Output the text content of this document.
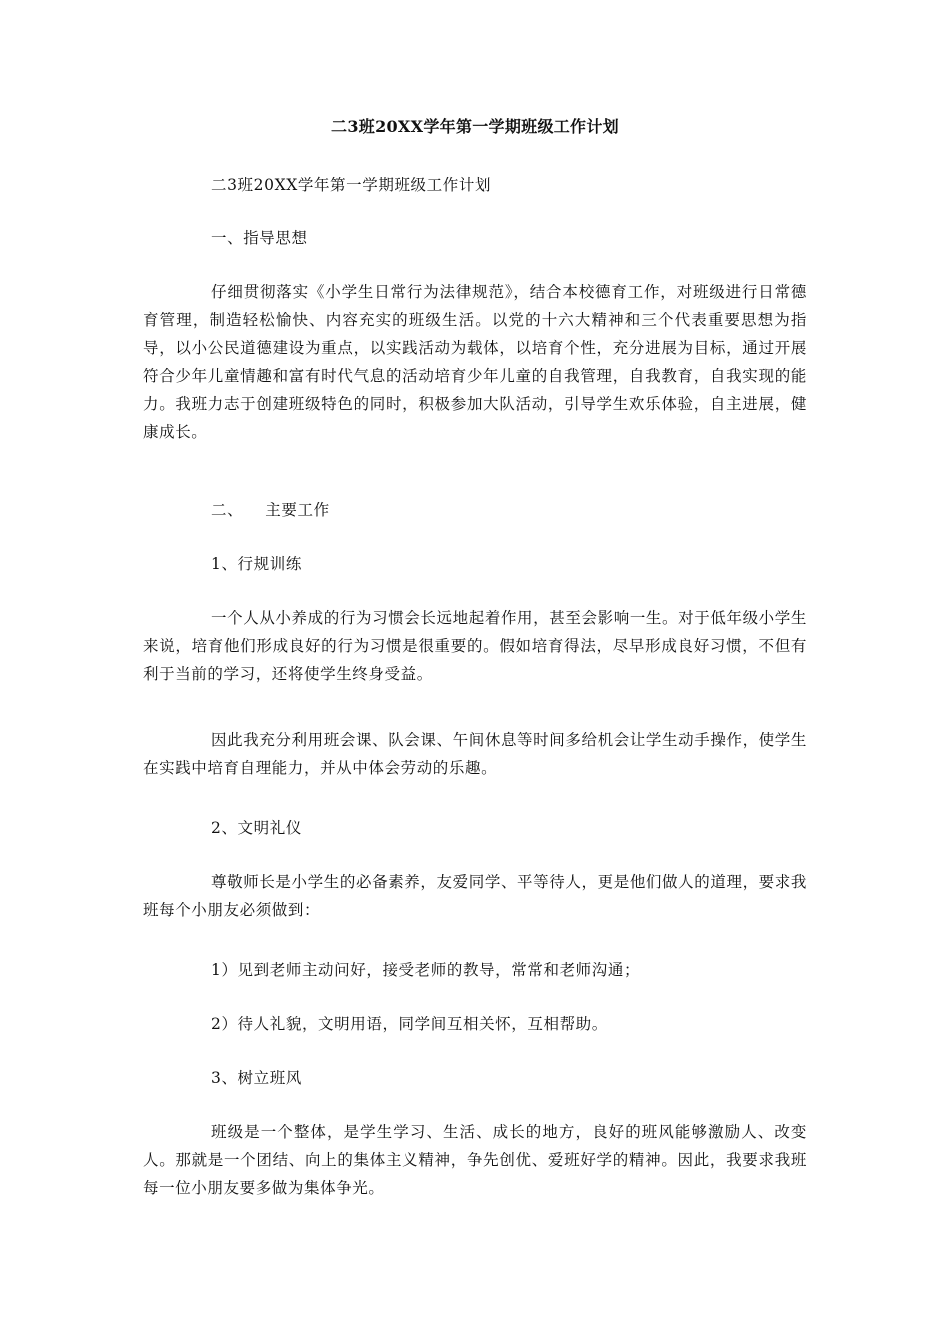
二3班20XX学年第一学期班级工作计划
二3班20XX学年第一学期班级工作计划
一、指导思想
仔细贯彻落实《小学生日常行为法律规范》，结合本校德育工作，对班级进行日常德育管理，制造轻松愉快、内容充实的班级生活。以党的十六大精神和三个代表重要思想为指导，以小公民道德建设为重点，以实践活动为载体，以培育个性，充分进展为目标，通过开展符合少年儿童情趣和富有时代气息的活动培育少年儿童的自我管理，自我教育，自我实现的能力。我班力志于创建班级特色的同时，积极参加大队活动，引导学生欢乐体验，自主进展，健康成长。
二、    主要工作
1、行规训练
一个人从小养成的行为习惯会长远地起着作用，甚至会影响一生。对于低年级小学生来说，培育他们形成良好的行为习惯是很重要的。假如培育得法，尽早形成良好习惯，不但有利于当前的学习，还将使学生终身受益。
因此我充分利用班会课、队会课、午间休息等时间多给机会让学生动手操作，使学生在实践中培育自理能力，并从中体会劳动的乐趣。
2、文明礼仪
尊敬师长是小学生的必备素养，友爱同学、平等待人，更是他们做人的道理，要求我班每个小朋友必须做到：
1）见到老师主动问好，接受老师的教导，常常和老师沟通；
2）待人礼貌，文明用语，同学间互相关怀，互相帮助。
3、树立班风
班级是一个整体，是学生学习、生活、成长的地方，良好的班风能够激励人、改变人。那就是一个团结、向上的集体主义精神，争先创优、爱班好学的精神。因此，我要求我班每一位小朋友要多做为集体争光。
